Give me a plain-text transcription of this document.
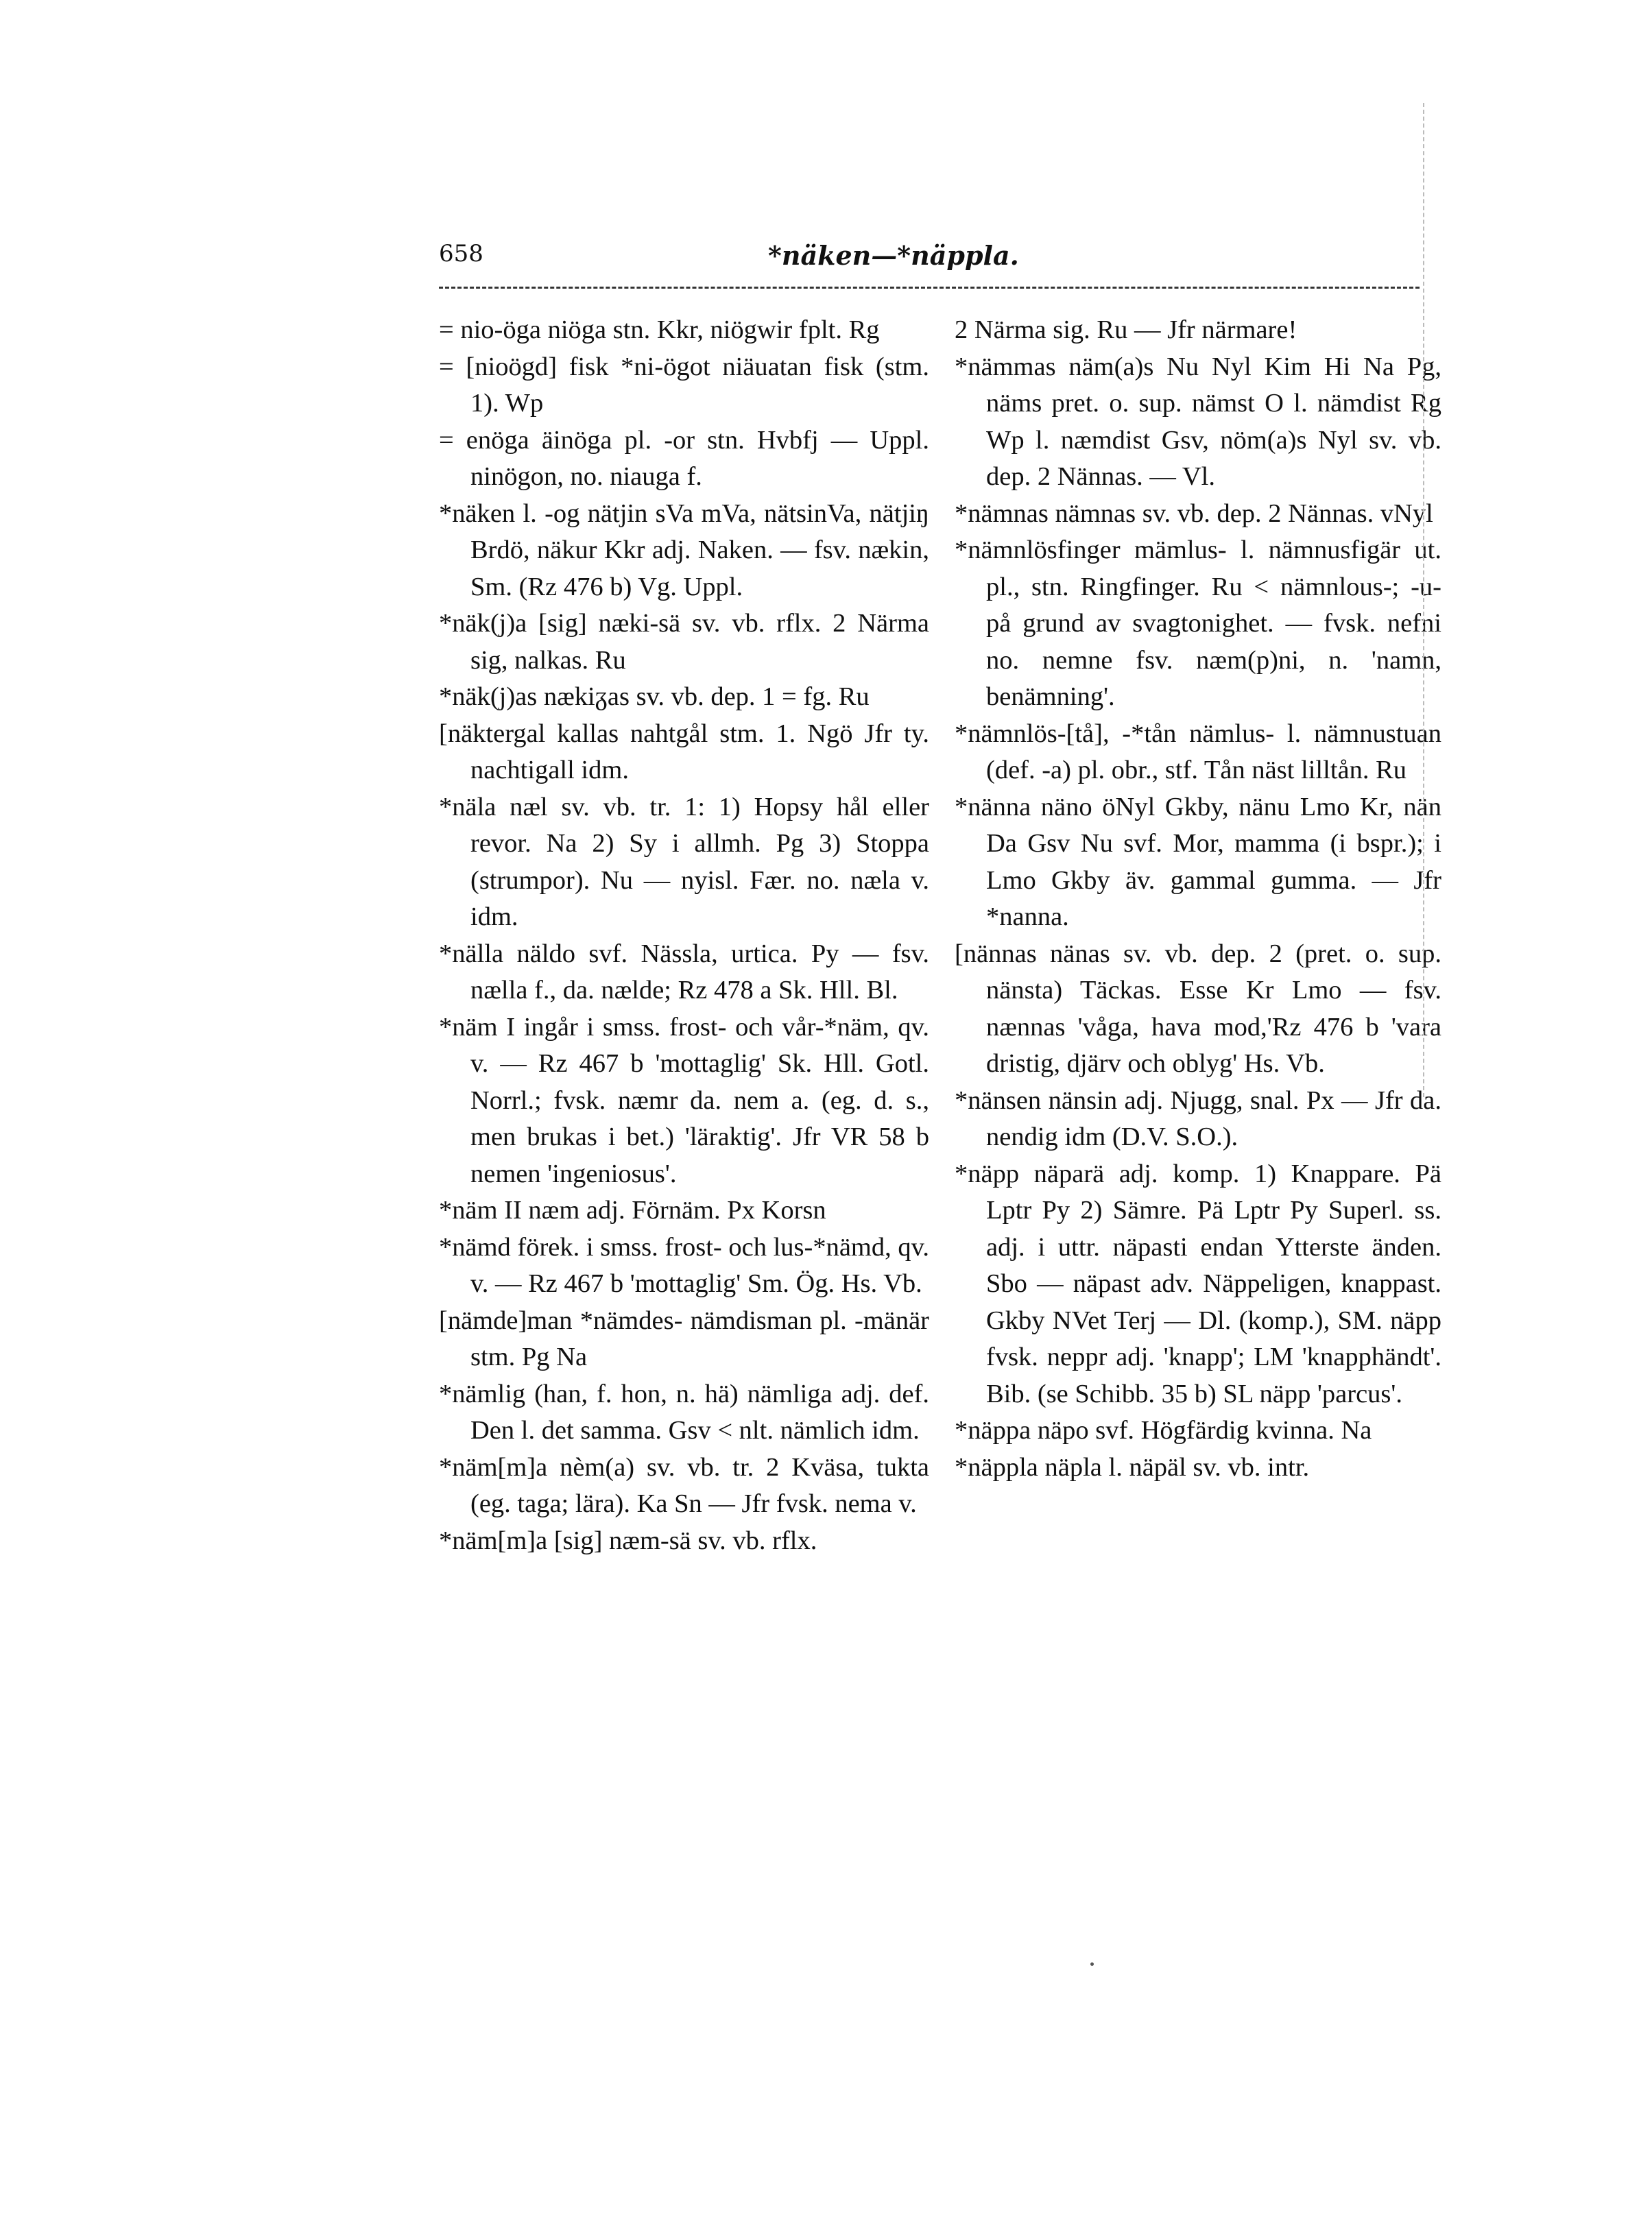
658	*näken—*näppla.

= nio-öga niöga stn. Kkr, niögwir fplt. Rg

= [nioögd] fisk *ni-ögot niäuatan fisk (stm. 1). Wp

= enöga äinöga pl. -or stn. Hvbfj — Uppl. ninögon, no. niauga f.

*näken l. -og nätjin sVa mVa, nätsinVa, nätjiŋ Brdö, näkur Kkr adj. Naken. — fsv. nækin, Sm. (Rz 476 b) Vg. Uppl.

*näk(j)a [sig] næki-sä sv. vb. rflx. 2 Närma sig, nalkas. Ru

*näk(j)as nækiᵹas sv. vb. dep. 1 = fg. Ru

[näktergal kallas nahtgål stm. 1. Ngö Jfr ty. nachtigall idm.

*näla næl sv. vb. tr. 1: 1) Hopsy hål eller revor. Na 2) Sy i allmh. Pg 3) Stoppa (strumpor). Nu — nyisl. Fær. no. næla v. idm.

*nälla näldo svf. Nässla, urtica. Py — fsv. nælla f., da. nælde; Rz 478 a Sk. Hll. Bl.

*näm I ingår i smss. frost- och vår-*näm, qv. v. — Rz 467 b 'mottaglig' Sk. Hll. Gotl. Norrl.; fvsk. næmr da. nem a. (eg. d. s., men brukas i bet.) 'läraktig'. Jfr VR 58 b nemen 'ingeniosus'.

*näm II næm adj. Förnäm. Px Korsn

*nämd förek. i smss. frost- och lus-*nämd, qv. v. — Rz 467 b 'mottaglig' Sm. Ög. Hs. Vb.

[nämde]man *nämdes- nämdisman pl. -mänär stm. Pg Na

*nämlig (han, f. hon, n. hä) nämliga adj. def. Den l. det samma. Gsv < nlt. nämlich idm.

*näm[m]a nèm(a) sv. vb. tr. 2 Kväsa, tukta (eg. taga; lära). Ka Sn — Jfr fvsk. nema v.

*näm[m]a [sig] næm-sä sv. vb. rflx.

2 Närma sig. Ru — Jfr närmare!

*nämmas näm(a)s Nu Nyl Kim Hi Na Pg, näms pret. o. sup. nämst O l. nämdist Rg Wp l. næmdist Gsv, nöm(a)s Nyl sv. vb. dep. 2 Nännas. — Vl.

*nämnas nämnas sv. vb. dep. 2 Nännas. vNyl

*nämnlösfinger mämlus- l. nämnusfigär ut. pl., stn. Ringfinger. Ru < nämnlous-; -u- på grund av svagtonighet. — fvsk. nefni no. nemne fsv. næm(p)ni, n. 'namn, benämning'.

*nämnlös-[tå], -*tån nämlus- l. nämnustuan (def. -a) pl. obr., stf. Tån näst lilltån. Ru

*nänna näno öNyl Gkby, nänu Lmo Kr, nän Da Gsv Nu svf. Mor, mamma (i bspr.); i Lmo Gkby äv. gammal gumma. — Jfr *nanna.

[nännas nänas sv. vb. dep. 2 (pret. o. sup. nänsta) Täckas. Esse Kr Lmo — fsv. nænnas 'våga, hava mod,'Rz 476 b 'vara dristig, djärv och oblyg' Hs. Vb.

*nänsen nänsin adj. Njugg, snal. Px — Jfr da. nendig idm (D.V. S.O.).

*näpp näparä adj. komp. 1) Knappare. Pä Lptr Py 2) Sämre. Pä Lptr Py Superl. ss. adj. i uttr. näpasti endan Ytterste änden. Sbo — näpast adv. Näppeligen, knappast. Gkby NVet Terj — Dl. (komp.), SM. näpp fvsk. neppr adj. 'knapp'; LM 'knapphändt'. Bib. (se Schibb. 35 b) SL näpp 'parcus'.

*näppa näpo svf. Högfärdig kvinna. Na

*näppla näpla l. näpäl sv. vb. intr.
